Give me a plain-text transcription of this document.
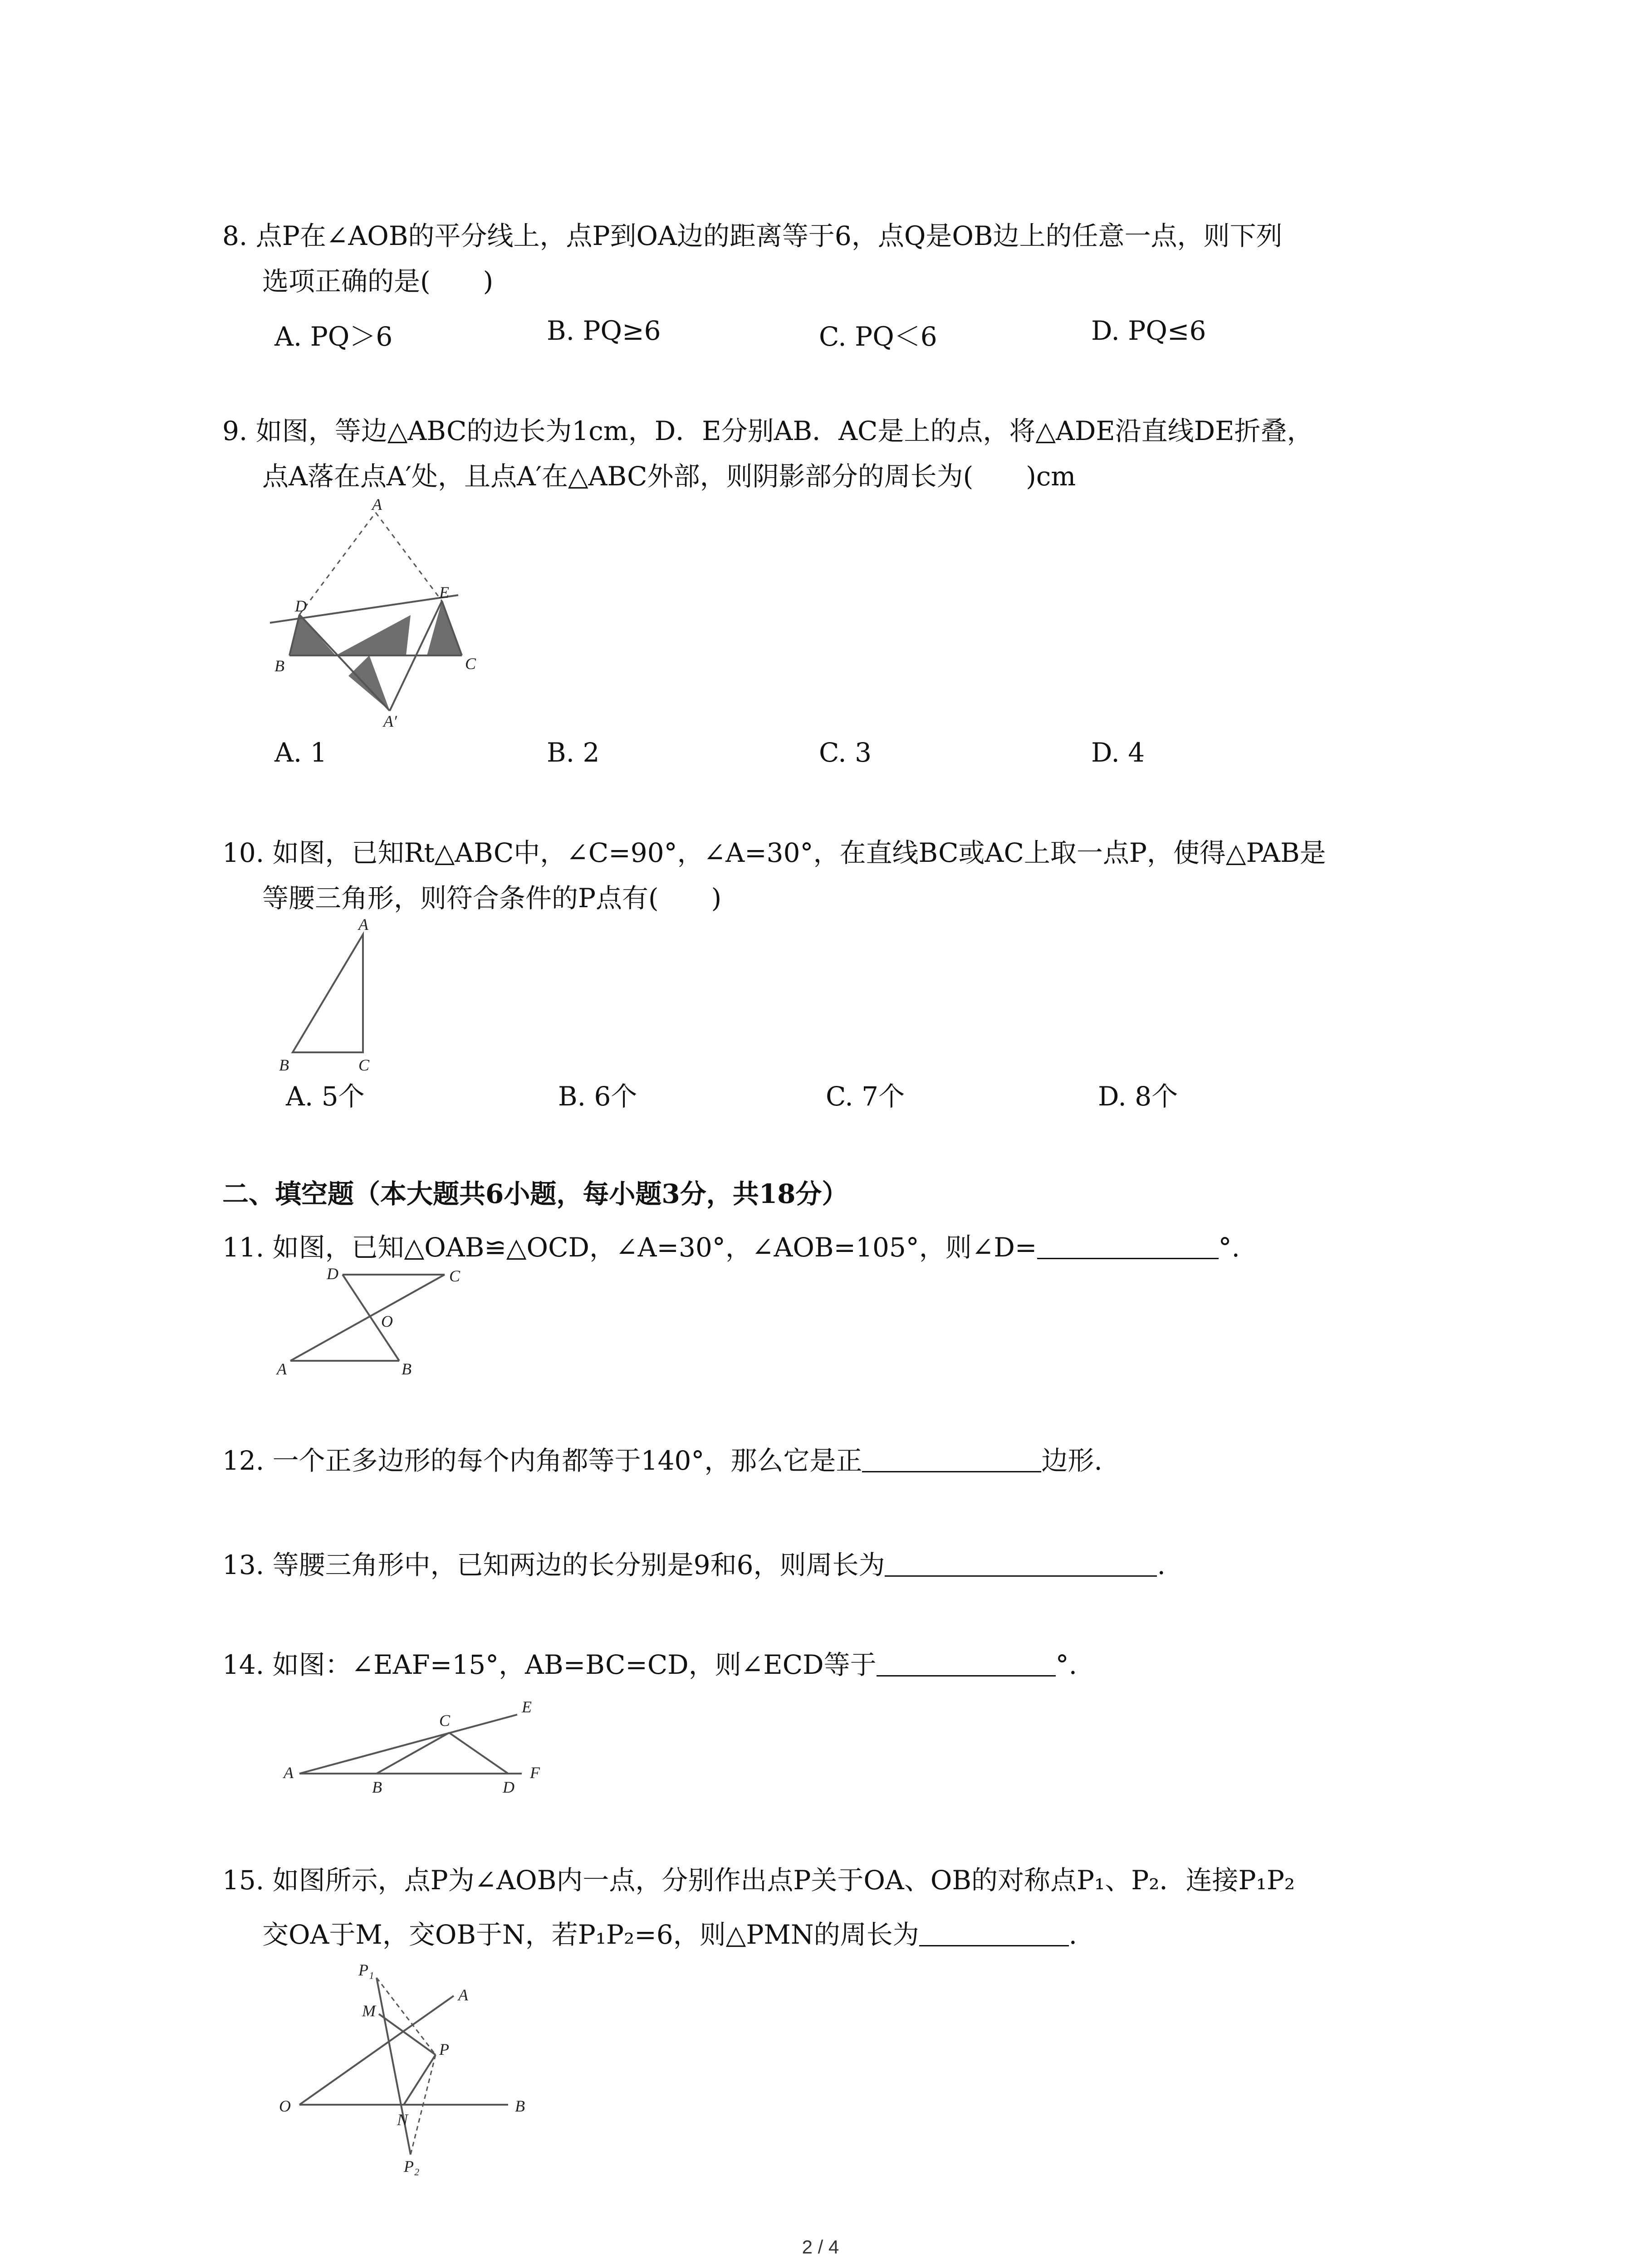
8. 点P在∠AOB的平分线上，点P到OA边的距离等于6，点Q是OB边上的任意一点，则下列
选项正确的是(　　)
A. PQ＞6	B. PQ≥6	C. PQ＜6	D. PQ≤6
9. 如图，等边△ABC的边长为1cm，D．E分别AB．AC是上的点，将△ADE沿直线DE折叠，
点A落在点A′处，且点A′在△ABC外部，则阴影部分的周长为(　　)cm
A
D
E
B	C
A′
A. 1	B. 2	C. 3	D. 4
10. 如图，已知Rt△ABC中，∠C=90°，∠A=30°，在直线BC或AC上取一点P，使得△PAB是
等腰三角形，则符合条件的P点有(　　)
A
B	C
A. 5个	B. 6个	C. 7个	D. 8个
二、填空题（本大题共6小题，每小题3分，共18分）
11. 如图，已知△OAB≌△OCD，∠A=30°，∠AOB=105°，则∠D=	°.
D	C
O
A	B
12. 一个正多边形的每个内角都等于140°，那么它是正	边形.
13. 等腰三角形中，已知两边的长分别是9和6，则周长为	.
14. 如图：∠EAF=15°，AB=BC=CD，则∠ECD等于	°.
E
C
A
B	D
F
15. 如图所示，点P为∠AOB内一点，分别作出点P关于OA、OB的对称点P₁、P₂．连接P₁P₂
交OA于M，交OB于N，若P₁P₂=6，则△PMN的周长为	.
P₁
A
M
P
O
N
B
P₂
2 / 4
